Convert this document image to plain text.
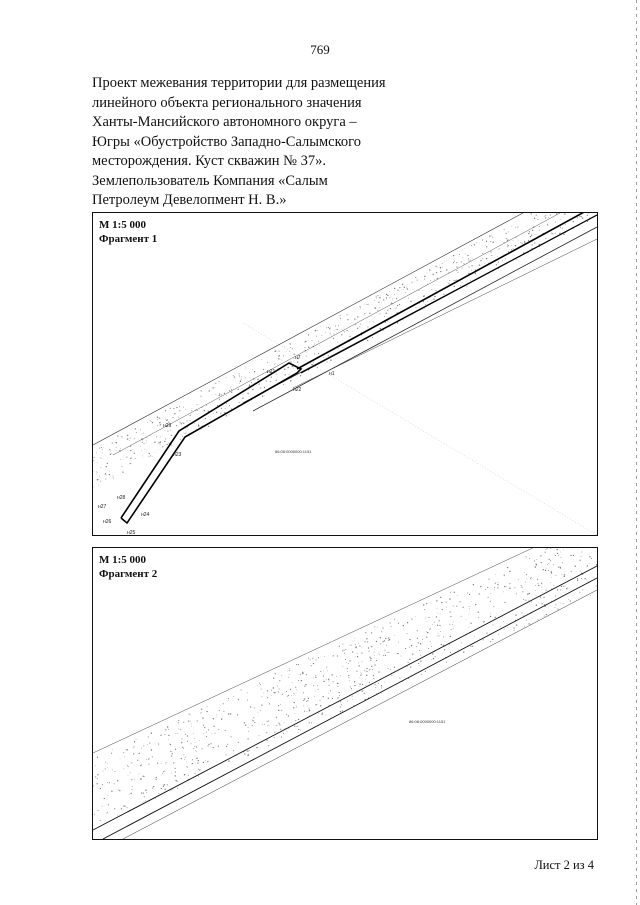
769
Проект межевания территории для размещения
линейного объекта регионального значения
Ханты-Мансийского автономного округа –
Югры «Обустройство Западно-Салымского
месторождения. Куст скважин № 37».
Землепользователь Компания «Салым
Петролеум Девелопмент Н. В.»
н7
н1
н21
н22
н29
н23
н28
н27
н26
н24
н25
86:08:0000000:1151
М 1:5 000
Фрагмент 1
86:08:0000000:1151
М 1:5 000
Фрагмент 2
Лист 2 из 4
